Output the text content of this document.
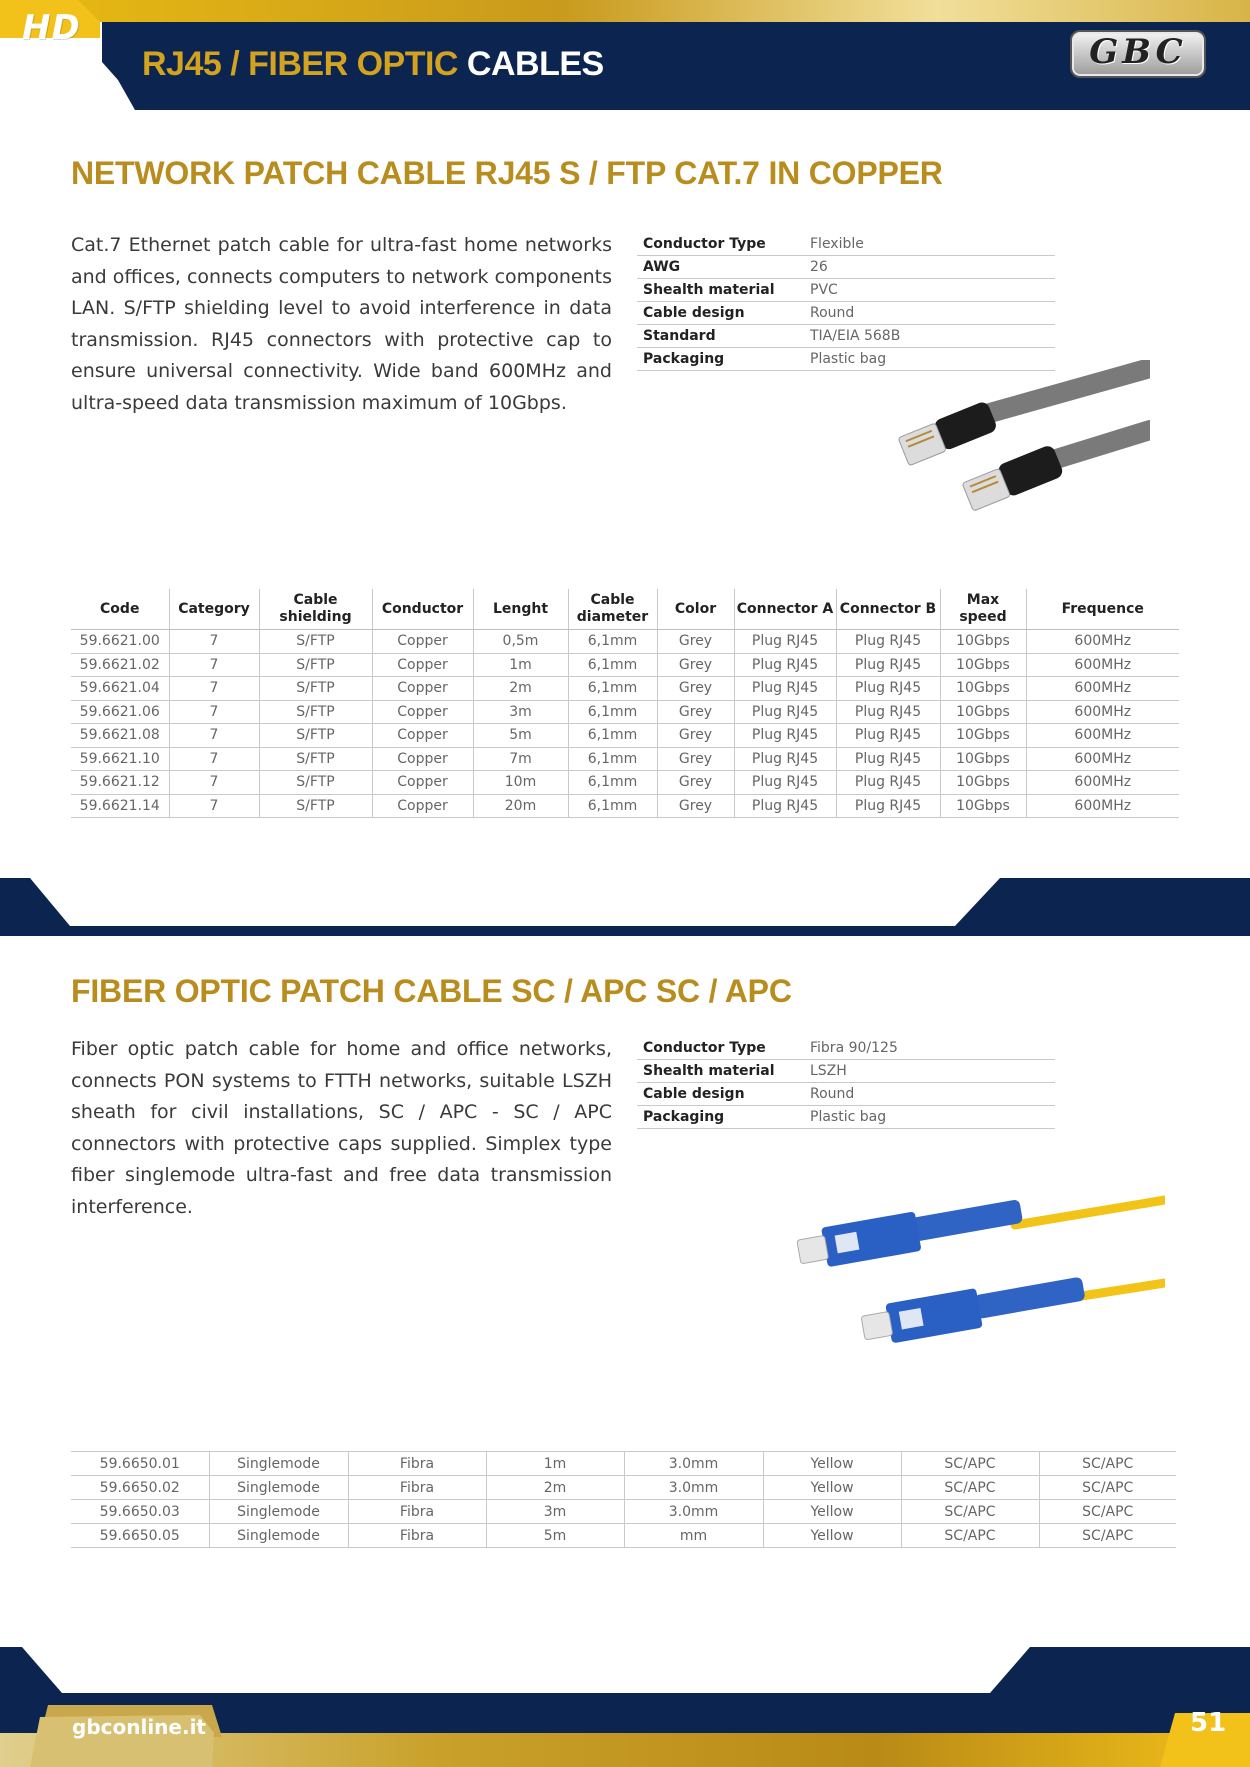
HD
RJ45 / FIBER OPTIC CABLES	GBC
NETWORK PATCH CABLE RJ45 S / FTP CAT.7 IN COPPER

Cat.7 Ethernet patch cable for ultra-fast home networks and offices, connects computers to network components LAN. S/FTP shielding level to avoid interference in data transmission. RJ45 connectors with protective cap to ensure universal connectivity. Wide band 600MHz and ultra-speed data transmission maximum of 10Gbps.

Conductor Type	Flexible
AWG	26
Shealth material	PVC
Cable design	Round
Standard	TIA/EIA 568B
Packaging	Plastic bag
Code	Category	Cable shielding	Conductor	Lenght	Cable diameter	Color	Connector A	Connector B	Max speed	Frequence
59.6621.00	7	S/FTP	Copper	0,5m	6,1mm	Grey	Plug RJ45	Plug RJ45	10Gbps	600MHz
59.6621.02	7	S/FTP	Copper	1m	6,1mm	Grey	Plug RJ45	Plug RJ45	10Gbps	600MHz
59.6621.04	7	S/FTP	Copper	2m	6,1mm	Grey	Plug RJ45	Plug RJ45	10Gbps	600MHz
59.6621.06	7	S/FTP	Copper	3m	6,1mm	Grey	Plug RJ45	Plug RJ45	10Gbps	600MHz
59.6621.08	7	S/FTP	Copper	5m	6,1mm	Grey	Plug RJ45	Plug RJ45	10Gbps	600MHz
59.6621.10	7	S/FTP	Copper	7m	6,1mm	Grey	Plug RJ45	Plug RJ45	10Gbps	600MHz
59.6621.12	7	S/FTP	Copper	10m	6,1mm	Grey	Plug RJ45	Plug RJ45	10Gbps	600MHz
59.6621.14	7	S/FTP	Copper	20m	6,1mm	Grey	Plug RJ45	Plug RJ45	10Gbps	600MHz
FIBER OPTIC PATCH CABLE SC / APC SC / APC

Fiber optic patch cable for home and office networks, connects PON systems to FTTH networks, suitable LSZH sheath for civil installations, SC / APC - SC / APC connectors with protective caps supplied. Simplex type fiber singlemode ultra-fast and free data transmission interference.

Conductor Type	Fibra 90/125
Shealth material	LSZH
Cable design	Round
Packaging	Plastic bag
59.6650.01	Singlemode	Fibra	1m	3.0mm	Yellow	SC/APC	SC/APC
59.6650.02	Singlemode	Fibra	2m	3.0mm	Yellow	SC/APC	SC/APC
59.6650.03	Singlemode	Fibra	3m	3.0mm	Yellow	SC/APC	SC/APC
59.6650.05	Singlemode	Fibra	5m	mm	Yellow	SC/APC	SC/APC
gbconline.it	51
